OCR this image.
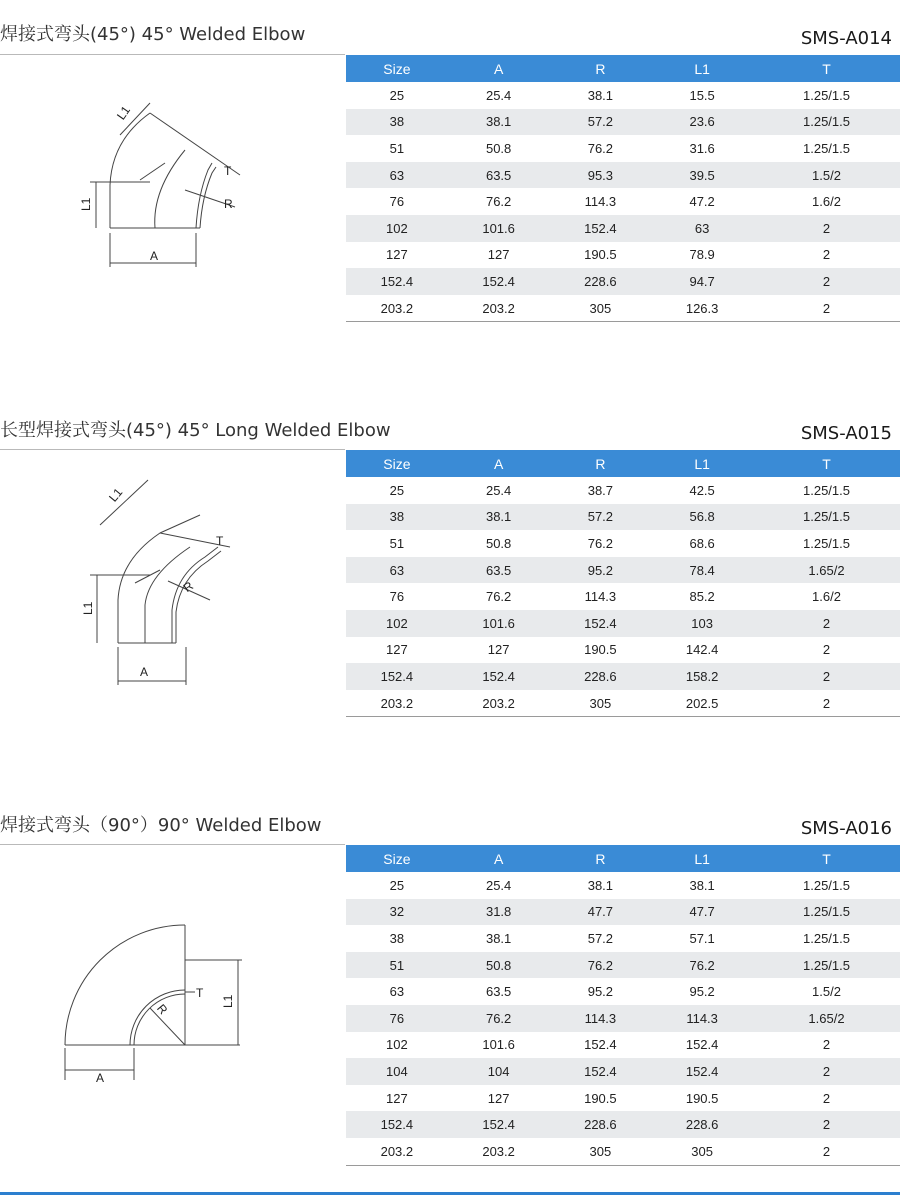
焊接式弯头(45°) 45° Welded Elbow	SMS-A014
L1
L1
A
R
T
Size	A	R	L1	T
25	25.4	38.1	15.5	1.25/1.5
38	38.1	57.2	23.6	1.25/1.5
51	50.8	76.2	31.6	1.25/1.5
63	63.5	95.3	39.5	1.5/2
76	76.2	114.3	47.2	1.6/2
102	101.6	152.4	63	2
127	127	190.5	78.9	2
152.4	152.4	228.6	94.7	2
203.2	203.2	305	126.3	2
长型焊接式弯头(45°) 45° Long Welded Elbow	SMS-A015
L1
L1
A
R
T
Size	A	R	L1	T
25	25.4	38.7	42.5	1.25/1.5
38	38.1	57.2	56.8	1.25/1.5
51	50.8	76.2	68.6	1.25/1.5
63	63.5	95.2	78.4	1.65/2
76	76.2	114.3	85.2	1.6/2
102	101.6	152.4	103	2
127	127	190.5	142.4	2
152.4	152.4	228.6	158.2	2
203.2	203.2	305	202.5	2
焊接式弯头（90°）90° Welded Elbow	SMS-A016
R
T
L1
A
Size	A	R	L1	T
25	25.4	38.1	38.1	1.25/1.5
32	31.8	47.7	47.7	1.25/1.5
38	38.1	57.2	57.1	1.25/1.5
51	50.8	76.2	76.2	1.25/1.5
63	63.5	95.2	95.2	1.5/2
76	76.2	114.3	114.3	1.65/2
102	101.6	152.4	152.4	2
104	104	152.4	152.4	2
127	127	190.5	190.5	2
152.4	152.4	228.6	228.6	2
203.2	203.2	305	305	2
